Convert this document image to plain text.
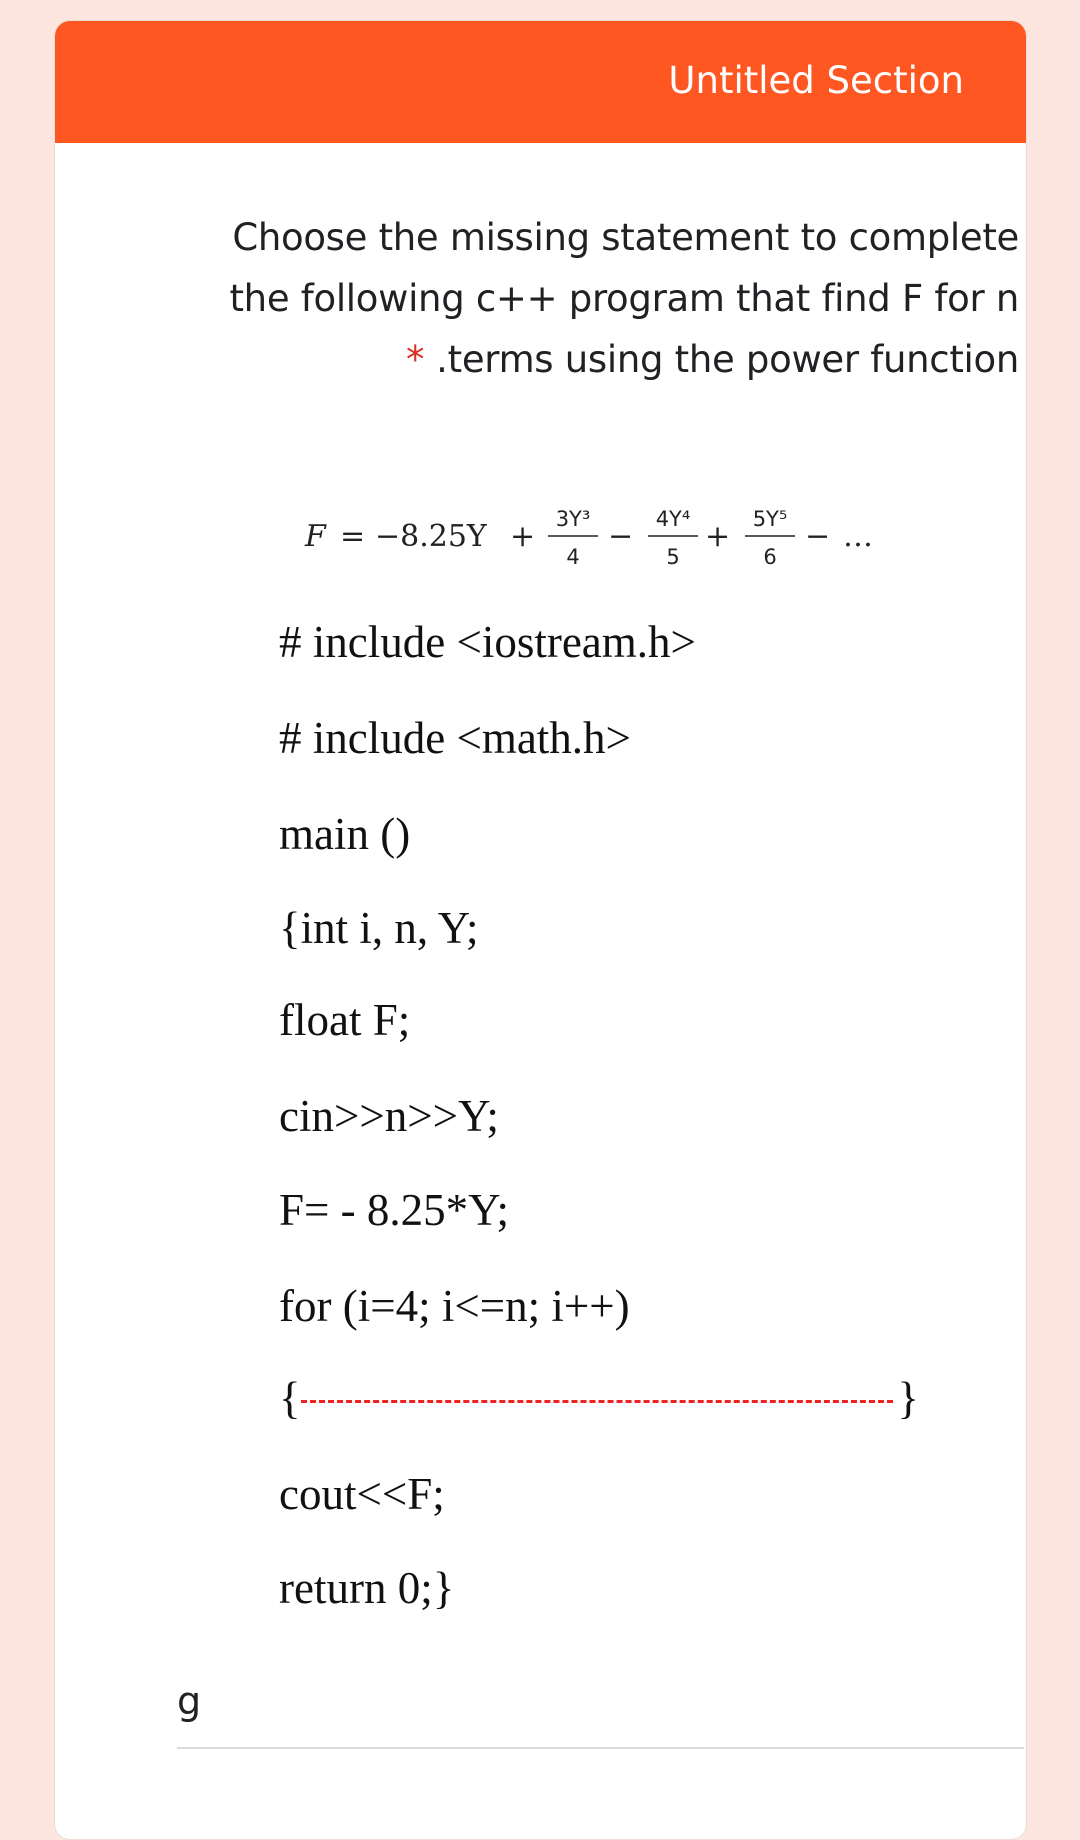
Untitled Section
Choose the missing statement to complete
the following c++ program that find F for n
* .terms using the power function
F = −8.25Y + 3Y³
4
− 4Y⁴
5
+ 5Y⁵
6
− …
# include <iostream.h>
# include <math.h>
main ()
{int i, n, Y;
float F;
cin>>n>>Y;
F= - 8.25*Y;
for (i=4; i<=n; i++)
{	}
cout<<F;
return 0;}
g
